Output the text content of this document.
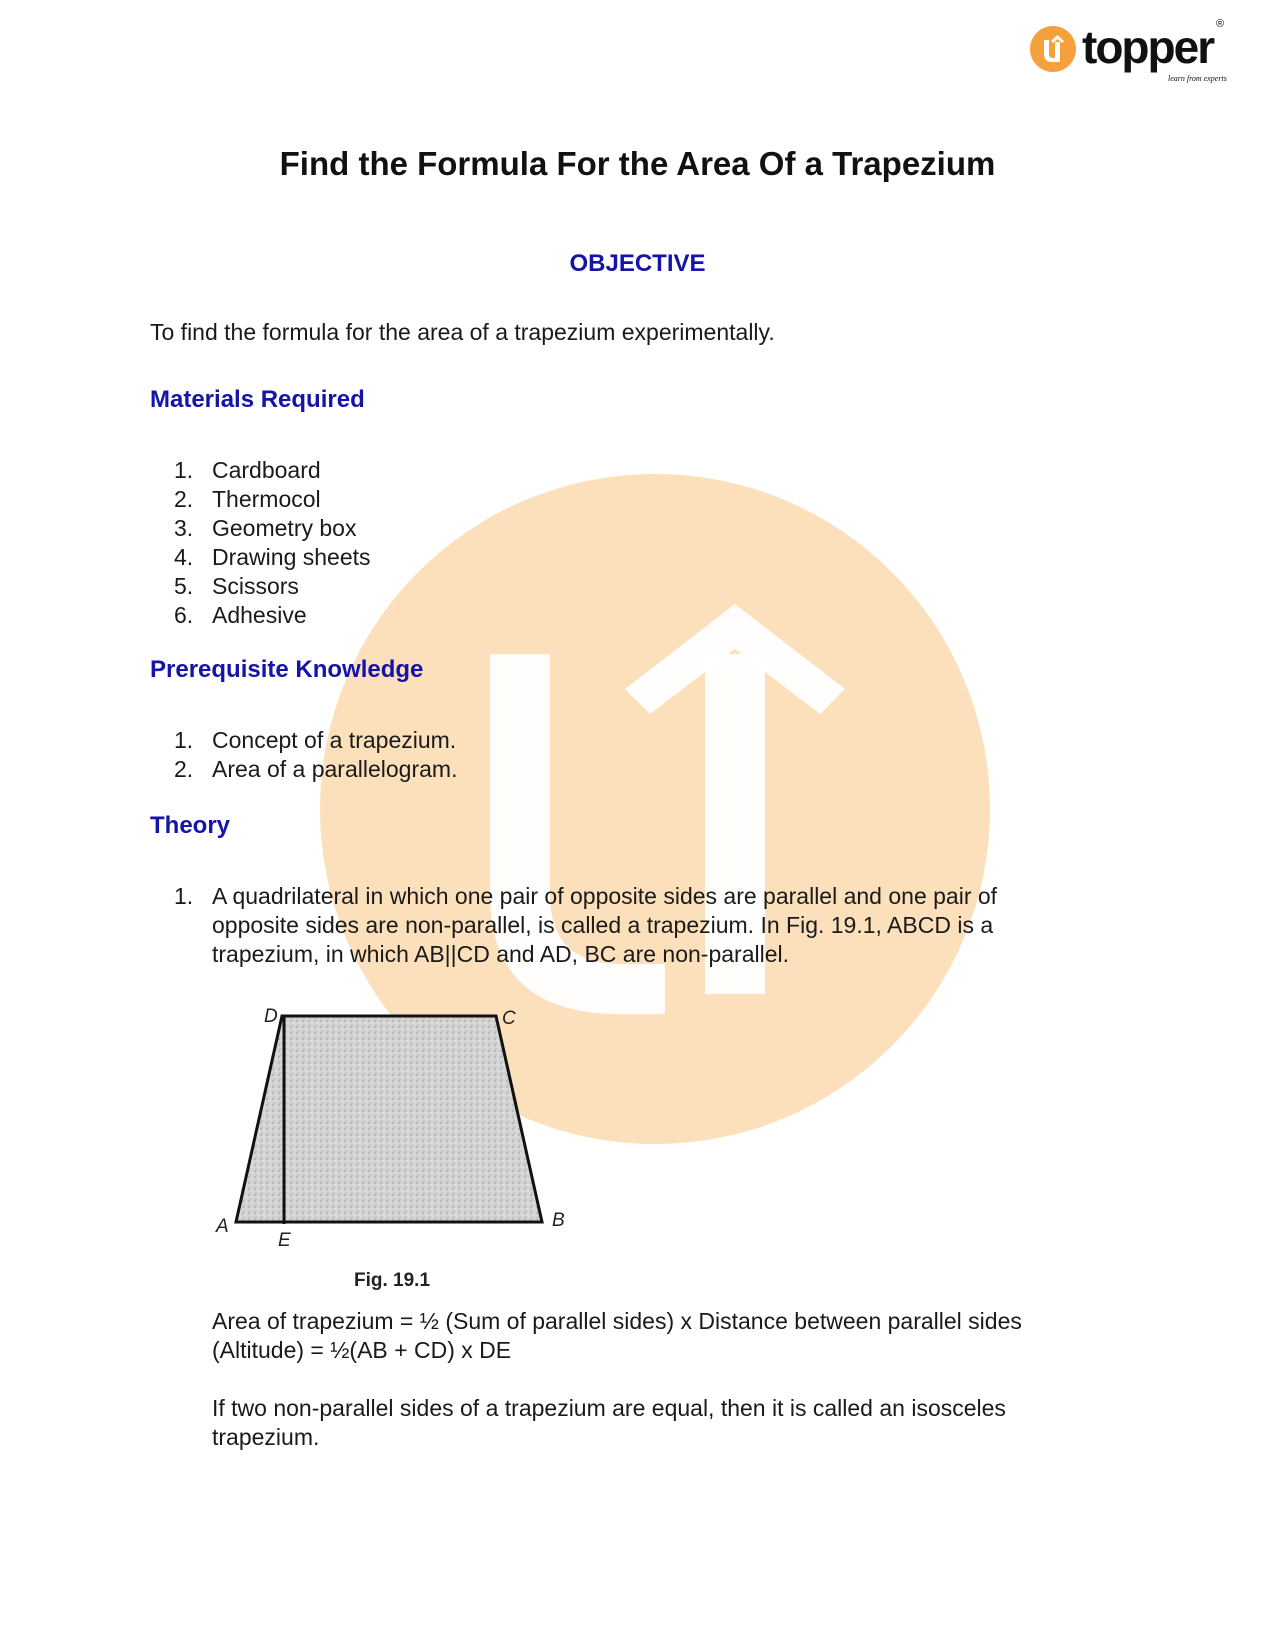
topper ®
learn from experts
Find the Formula For the Area Of a Trapezium
OBJECTIVE

To find the formula for the area of a trapezium experimentally.

Materials Required
1. Cardboard
2. Thermocol
3. Geometry box
4. Drawing sheets
5. Scissors
6. Adhesive
Prerequisite Knowledge
1. Concept of a trapezium.
2. Area of a parallelogram.
Theory
1. A quadrilateral in which one pair of opposite sides are parallel and one pair of opposite sides are non-parallel, is called a trapezium. In Fig. 19.1, ABCD is a trapezium, in which AB||CD and AD, BC are non-parallel.
A	B
C
D
E

Fig. 19.1

Area of trapezium = ½ (Sum of parallel sides) x Distance between parallel sides

(Altitude) = ½(AB + CD) x DE

If two non-parallel sides of a trapezium are equal, then it is called an isosceles

trapezium.
